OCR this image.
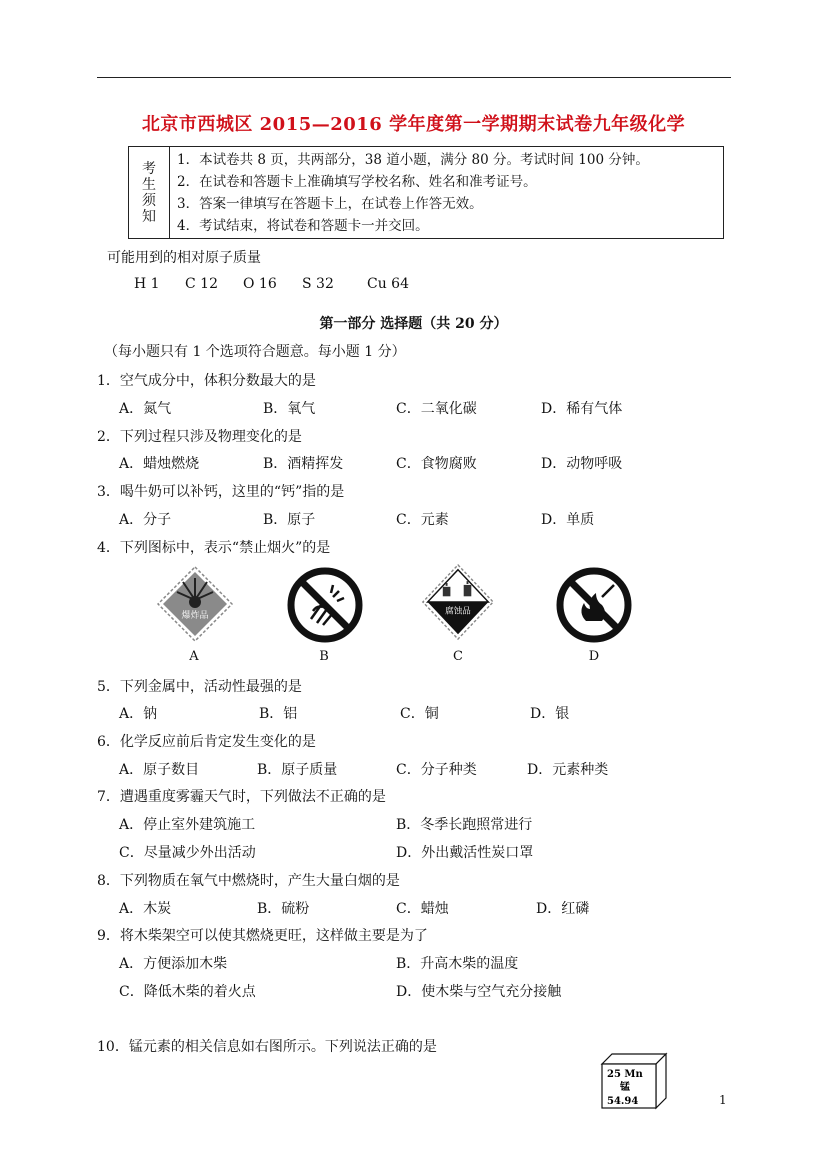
北京市西城区 2015—2016 学年度第一学期期末试卷九年级化学
考
生
须
知
1．本试卷共 8 页，共两部分，38 道小题，满分 80 分。考试时间 100 分钟。
2．在试卷和答题卡上准确填写学校名称、姓名和准考证号。
3．答案一律填写在答题卡上，在试卷上作答无效。
4．考试结束，将试卷和答题卡一并交回。
可能用到的相对原子质量
H 1 C 12 O 16 S 32 Cu 64
第一部分 选择题（共 20 分）
（每小题只有 1 个选项符合题意。每小题 1 分）
1．空气成分中，体积分数最大的是
A．氮气	B．氧气	C．二氧化碳	D．稀有气体
2．下列过程只涉及物理变化的是
A．蜡烛燃烧	B．酒精挥发	C．食物腐败	D．动物呼吸
3．喝牛奶可以补钙，这里的“钙”指的是
A．分子	B．原子	C．元素	D．单质
4．下列图标中，表示“禁止烟火”的是
爆炸品
A	B
腐蚀品
C	D
5．下列金属中，活动性最强的是
A．钠	B．铝	C．铜	D．银
6．化学反应前后肯定发生变化的是
A．原子数目	B．原子质量	C．分子种类	D．元素种类
7．遭遇重度雾霾天气时，下列做法不正确的是
A．停止室外建筑施工	B．冬季长跑照常进行
C．尽量减少外出活动	D．外出戴活性炭口罩
8．下列物质在氧气中燃烧时，产生大量白烟的是
A．木炭	B．硫粉	C．蜡烛	D．红磷
9．将木柴架空可以使其燃烧更旺，这样做主要是为了
A．方便添加木柴	B．升高木柴的温度
C．降低木柴的着火点	D．使木柴与空气充分接触
10．锰元素的相关信息如右图所示。下列说法正确的是
25 Mn
锰
54.94	1
